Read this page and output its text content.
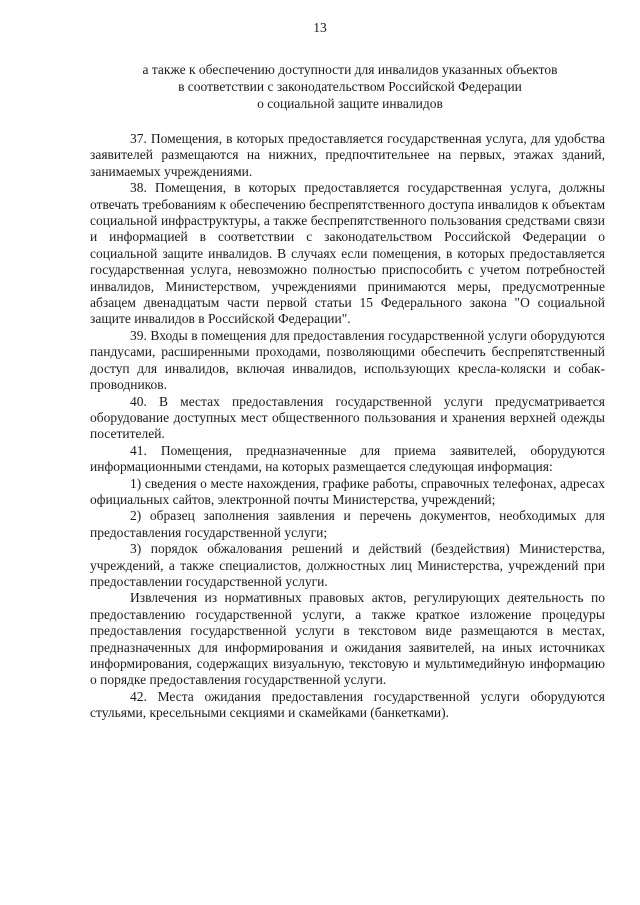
13
а также к обеспечению доступности для инвалидов указанных объектов
в соответствии с законодательством Российской Федерации
о социальной защите инвалидов

37. Помещения, в которых предоставляется государственная услуга, для удобства заявителей размещаются на нижних, предпочтительнее на первых, этажах зданий, занимаемых учреждениями.

38. Помещения, в которых предоставляется государственная услуга, должны отвечать требованиям к обеспечению беспрепятственного доступа инвалидов к объектам социальной инфраструктуры, а также беспрепятственного пользования средствами связи и информацией в соответствии с законодательством Российской Федерации о социальной защите инвалидов. В случаях если помещения, в которых предоставляется государственная услуга, невозможно полностью приспособить с учетом потребностей инвалидов, Министерством, учреждениями принимаются меры, предусмотренные абзацем двенадцатым части первой статьи 15 Федерального закона "О социальной защите инвалидов в Российской Федерации".

39. Входы в помещения для предоставления государственной услуги оборудуются пандусами, расширенными проходами, позволяющими обеспечить беспрепятственный доступ для инвалидов, включая инвалидов, использующих кресла-коляски и собак-проводников.

40. В местах предоставления государственной услуги предусматривается оборудование доступных мест общественного пользования и хранения верхней одежды посетителей.

41. Помещения, предназначенные для приема заявителей, оборудуются информационными стендами, на которых размещается следующая информация:

1) сведения о месте нахождения, графике работы, справочных телефонах, адресах официальных сайтов, электронной почты Министерства, учреждений;

2) образец заполнения заявления и перечень документов, необходимых для предоставления государственной услуги;

3) порядок обжалования решений и действий (бездействия) Министерства, учреждений, а также специалистов, должностных лиц Министерства, учреждений при предоставлении государственной услуги.

Извлечения из нормативных правовых актов, регулирующих деятельность по предоставлению государственной услуги, а также краткое изложение процедуры предоставления государственной услуги в текстовом виде размещаются в местах, предназначенных для информирования и ожидания заявителей, на иных источниках информирования, содержащих визуальную, текстовую и мультимедийную информацию о порядке предоставления государственной услуги.

42. Места ожидания предоставления государственной услуги оборудуются стульями, кресельными секциями и скамейками (банкетками).
